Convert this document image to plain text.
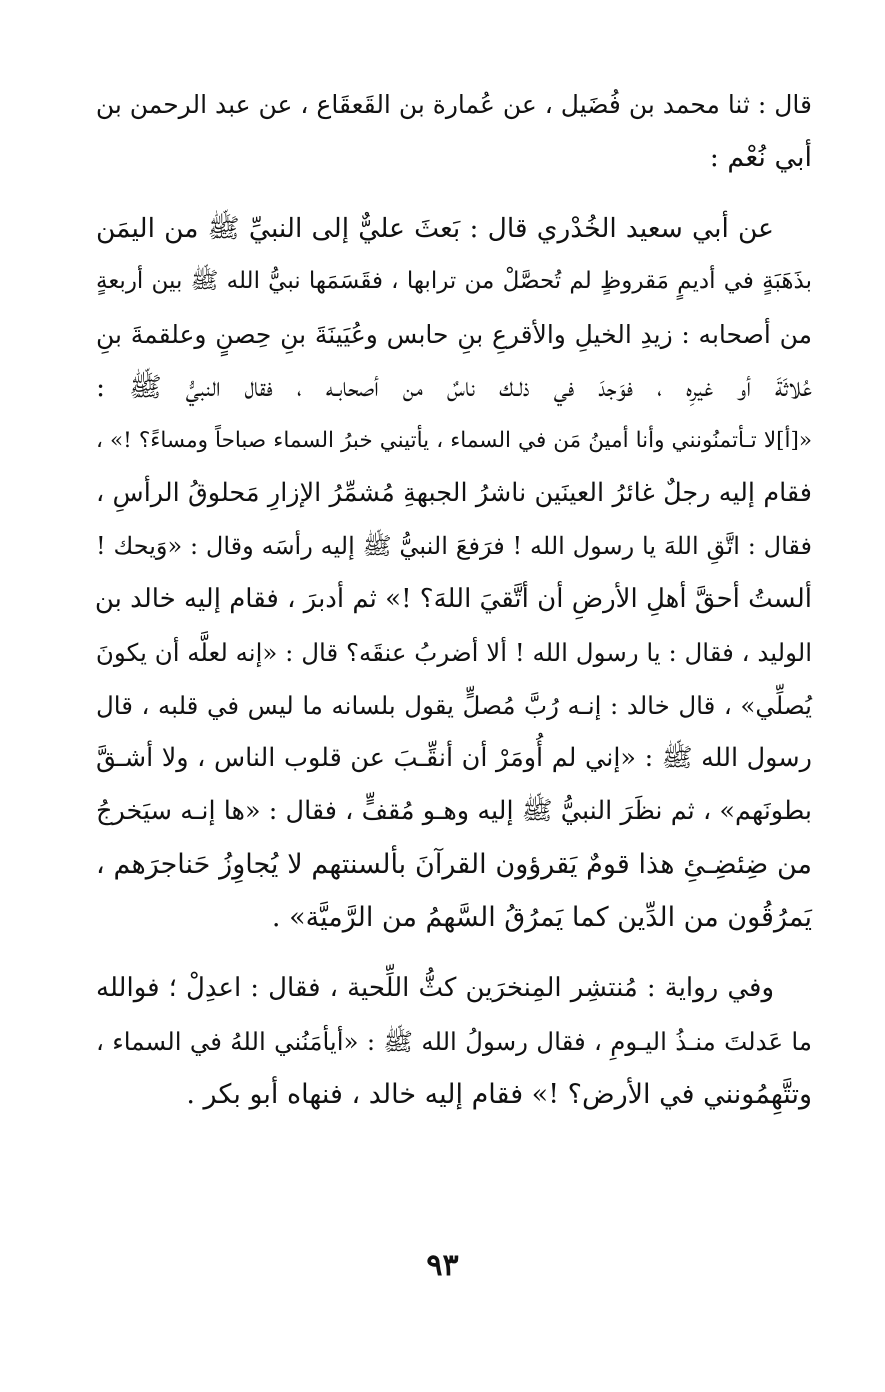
قال : ثنا محمد بن فُضَيل ، عن عُمارة بن القَعقَاع ، عن عبد الرحمن بن
أبي نُعْم :
عن أبي سعيد الخُدْري قال : بَعثَ عليٌّ إلى النبيِّ ﷺ من اليمَن
بذَهَبَةٍ في أديمٍ مَقروظٍ لم تُحصَّلْ من ترابها ، فقَسَمَها نبيُّ الله ﷺ بين أربعةٍ
من أصحابه : زيدِ الخيلِ والأقرعِ بنِ حابس وعُيَينَةَ بنِ حِصنٍ وعلقمةَ بنِ
عُلاثَةَ أو غيرِه ، فوَجدَ في ذلـك ناسٌ من أصحابـه ، فقال النبيُّ ﷺ :
«[أ]لا تـأتمنُونني وأنا أمينُ مَن في السماء ، يأتيني خبرُ السماء صباحاً ومساءً؟ !» ،
فقام إليه رجلٌ غائرُ العينَين ناشرُ الجبهةِ مُشمِّرُ الإزارِ مَحلوقُ الرأسِ ،
فقال : اتَّقِ اللهَ يا رسول الله ! فرَفعَ النبيُّ ﷺ إليه رأسَه وقال : «وَيحك !
ألستُ أحقَّ أهلِ الأرضِ أن أتَّقيَ اللهَ؟ !» ثم أدبرَ ، فقام إليه خالد بن
الوليد ، فقال : يا رسول الله ! ألا أضربُ عنقَه؟ قال : «إنه لعلَّه أن يكونَ
يُصلِّي» ، قال خالد : إنـه رُبَّ مُصلٍّ يقول بلسانه ما ليس في قلبه ، قال
رسول الله ﷺ : «إني لم أُومَرْ أن أنقِّـبَ عن قلوب الناس ، ولا أشـقَّ
بطونَهم» ، ثم نظَرَ النبيُّ ﷺ إليه وهـو مُقفٍّ ، فقال : «ها إنـه سيَخرجُ
من ضِئضِـئِ هذا قومٌ يَقرؤون القرآنَ بألسنتهم لا يُجاوِزُ حَناجرَهم ،
يَمرُقُون من الدِّين كما يَمرُقُ السَّهمُ من الرَّميَّة» .
وفي رواية : مُنتشِر المِنخرَين كثُّ اللِّحية ، فقال : اعدِلْ ؛ فوالله
ما عَدلتَ منـذُ اليـومِ ، فقال رسولُ الله ﷺ : «أيأمَنُني اللهُ في السماء ،
وتتَّهِمُونني في الأرض؟ !» فقام إليه خالد ، فنهاه أبو بكر .
٩٣
